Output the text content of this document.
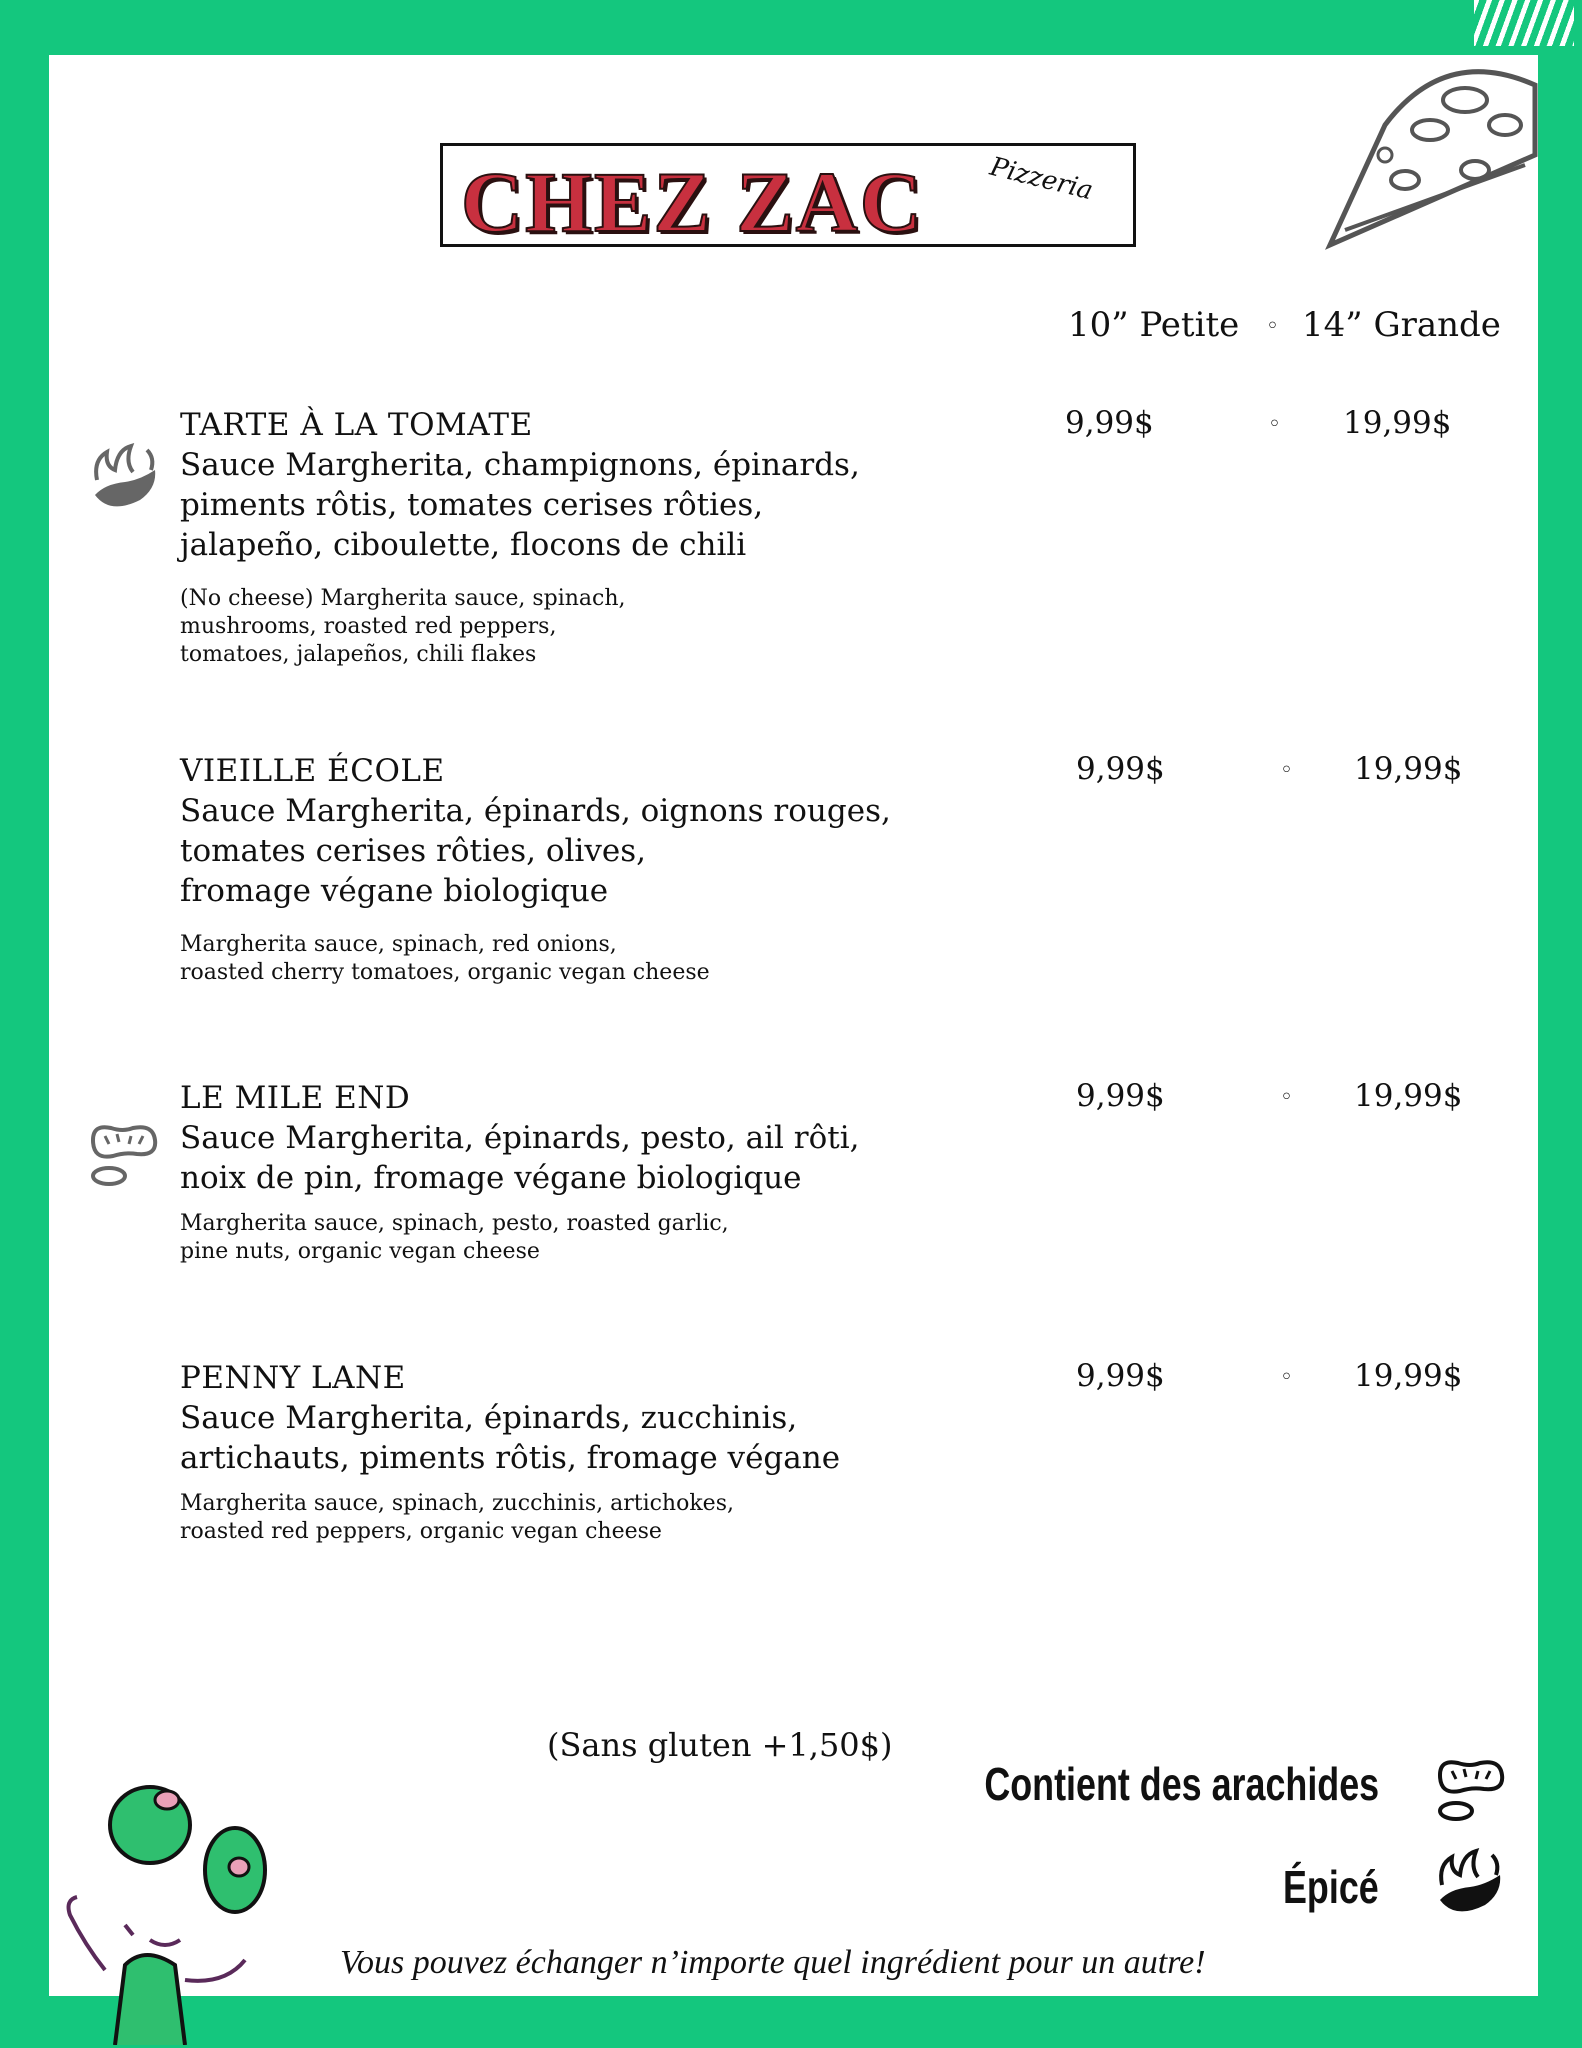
CHEZ ZAC Pizzeria
10” Petite ◦ 14” Grande
TARTE À LA TOMATE
Sauce Margherita, champignons, épinards,
piments rôtis, tomates cerises rôties,
jalapeño, ciboulette, flocons de chili
(No cheese) Margherita sauce, spinach,
mushrooms, roasted red peppers,
tomatoes, jalapeños, chili flakes
9,99$	◦ 19,99$
VIEILLE ÉCOLE
Sauce Margherita, épinards, oignons rouges,
tomates cerises rôties, olives,
fromage végane biologique
Margherita sauce, spinach, red onions,
roasted cherry tomatoes, organic vegan cheese
9,99$	◦ 19,99$
LE MILE END
Sauce Margherita, épinards, pesto, ail rôti,
noix de pin, fromage végane biologique
Margherita sauce, spinach, pesto, roasted garlic,
pine nuts, organic vegan cheese
9,99$	◦ 19,99$
PENNY LANE
Sauce Margherita, épinards, zucchinis,
artichauts, piments rôtis, fromage végane
Margherita sauce, spinach, zucchinis, artichokes,
roasted red peppers, organic vegan cheese
9,99$	◦ 19,99$
(Sans gluten +1,50$)
Contient des arachides
Épicé
Vous pouvez échanger n’importe quel ingrédient pour un autre!
